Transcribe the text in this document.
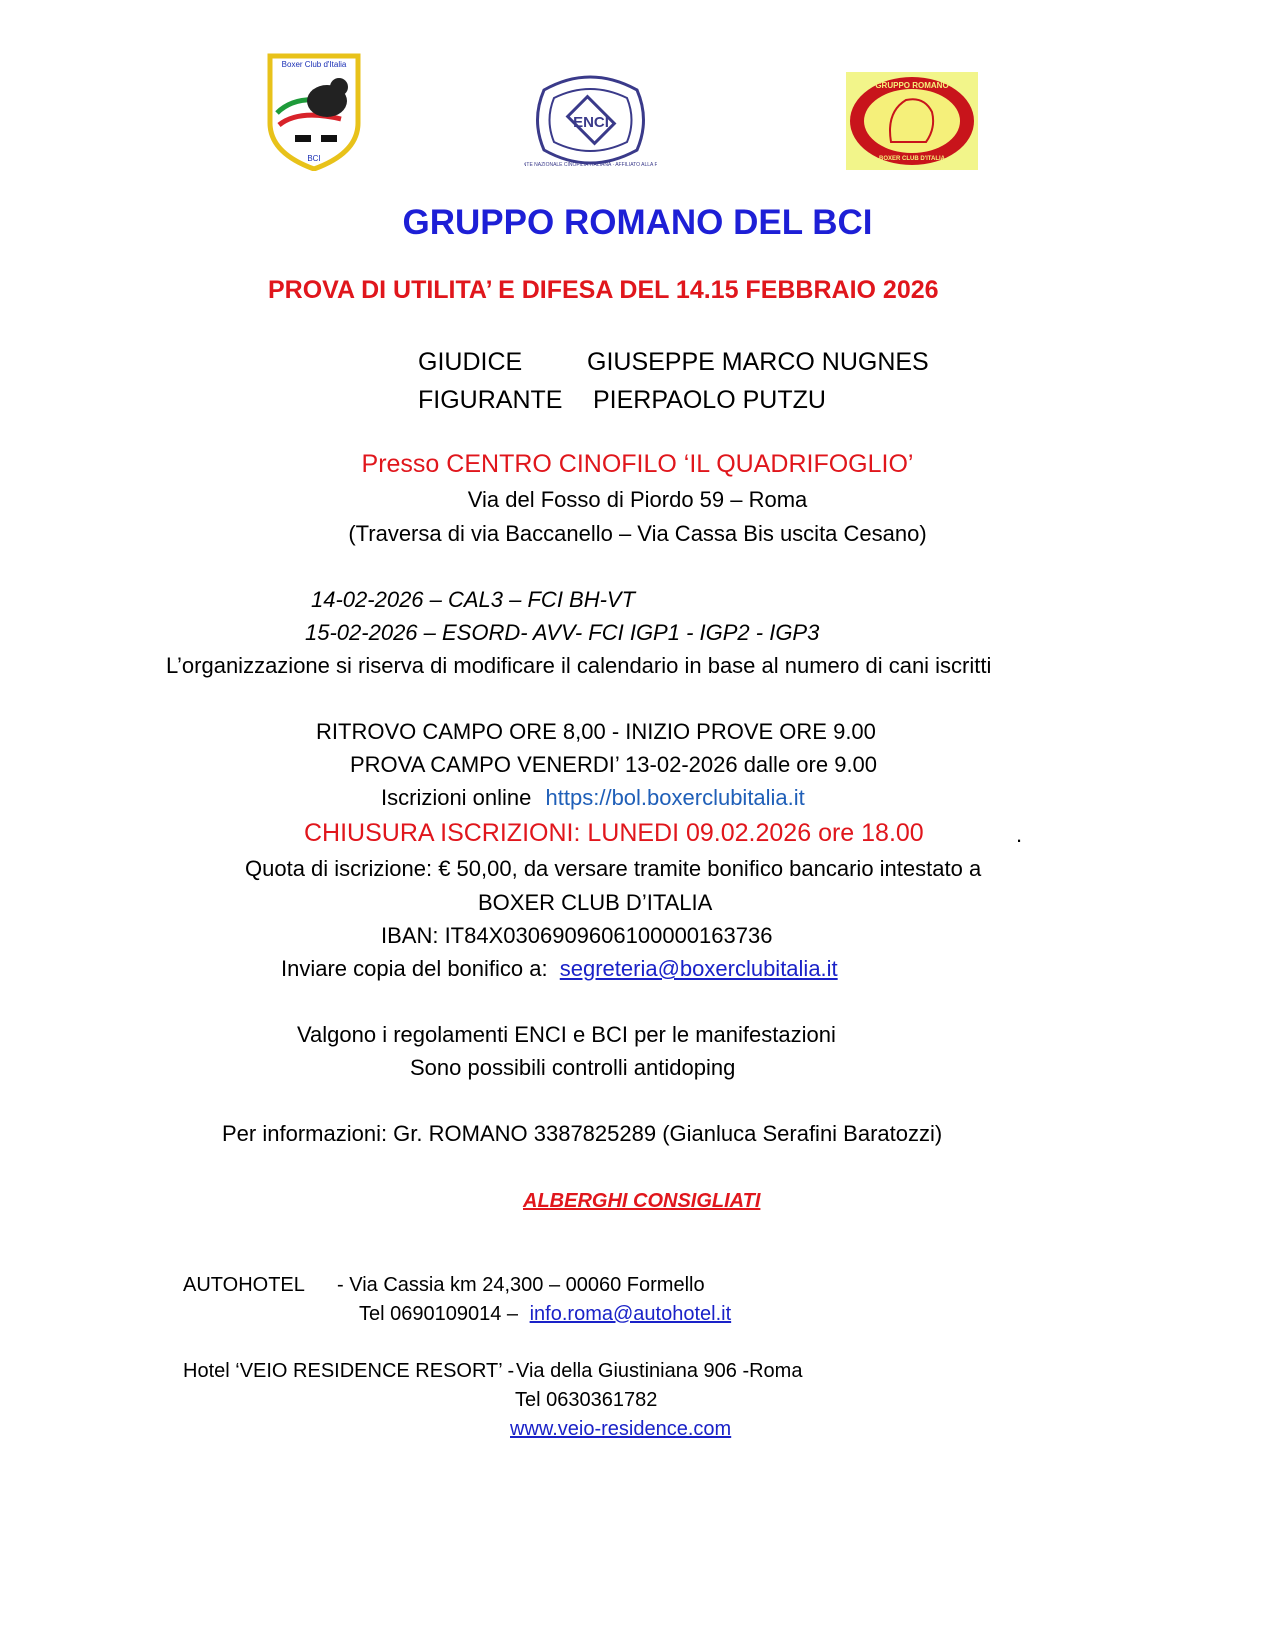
Boxer Club d'Italia
BCI
ENCI
ENTE NAZIONALE CINOFILIA ITALIANA · AFFILIATO ALLA FCI
GRUPPO ROMANO
BOXER CLUB D'ITALIA
GRUPPO ROMANO DEL BCI
PROVA DI UTILITA’ E DIFESA DEL 14.15 FEBBRAIO 2026
GIUDICE	GIUSEPPE MARCO NUGNES
FIGURANTE PIERPAOLO PUTZU
Presso CENTRO CINOFILO ‘IL QUADRIFOGLIO’
Via del Fosso di Piordo 59 – Roma
(Traversa di via Baccanello – Via Cassa Bis uscita Cesano)
14-02-2026 – CAL3 – FCI BH-VT
15-02-2026 – ESORD- AVV- FCI IGP1 - IGP2 - IGP3
L’organizzazione si riserva di modificare il calendario in base al numero di cani iscritti
RITROVO CAMPO ORE 8,00 - INIZIO PROVE ORE 9.00
PROVA CAMPO VENERDI’ 13-02-2026 dalle ore 9.00
Iscrizioni online https://bol.boxerclubitalia.it
CHIUSURA ISCRIZIONI: LUNEDI 09.02.2026 ore 18.00	.
Quota di iscrizione: € 50,00, da versare tramite bonifico bancario intestato a
BOXER CLUB D’ITALIA
IBAN: IT84X0306909606100000163736
Inviare copia del bonifico a: segreteria@boxerclubitalia.it
Valgono i regolamenti ENCI e BCI per le manifestazioni
Sono possibili controlli antidoping
Per informazioni: Gr. ROMANO 3387825289 (Gianluca Serafini Baratozzi)
ALBERGHI CONSIGLIATI
AUTOHOTEL - Via Cassia km 24,300 – 00060 Formello
Tel 0690109014 – info.roma@autohotel.it
Hotel ‘VEIO RESIDENCE RESORT’ - Via della Giustiniana 906 -Roma
Tel 0630361782
www.veio-residence.com
